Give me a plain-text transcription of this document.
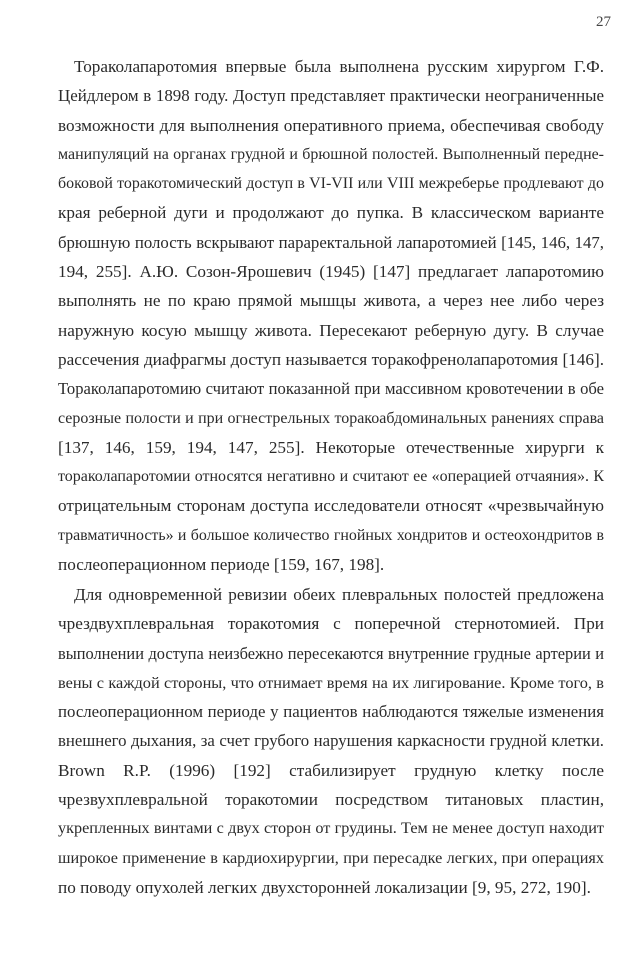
27
Тораколапаротомия впервые была выполнена русским хирургом Г.Ф.
Цейдлером в 1898 году. Доступ представляет практически неограниченные
возможности для выполнения оперативного приема, обеспечивая свободу
манипуляций на органах грудной и брюшной полостей. Выполненный передне-
боковой торакотомический доступ в VI-VII или VIII межреберье продлевают до
края реберной дуги и продолжают до пупка. В классическом варианте
брюшную полость вскрывают параректальной лапаротомией [145, 146, 147,
194, 255]. А.Ю. Созон-Ярошевич (1945) [147] предлагает лапаротомию
выполнять не по краю прямой мышцы живота, а через нее либо через
наружную косую мышцу живота. Пересекают реберную дугу. В случае
рассечения диафрагмы доступ называется торакофренолапаротомия [146].
Тораколапаротомию считают показанной при массивном кровотечении в обе
серозные полости и при огнестрельных торакоабдоминальных ранениях справа
[137, 146, 159, 194, 147, 255]. Некоторые отечественные хирурги к
тораколапаротомии относятся негативно и считают ее «операцией отчаяния». К
отрицательным сторонам доступа исследователи относят «чрезвычайную
травматичность» и большое количество гнойных хондритов и остеохондритов в
послеоперационном периоде [159, 167, 198].
Для одновременной ревизии обеих плевральных полостей предложена
чрездвухплевральная торакотомия с поперечной стернотомией. При
выполнении доступа неизбежно пересекаются внутренние грудные артерии и
вены с каждой стороны, что отнимает время на их лигирование. Кроме того, в
послеоперационном периоде у пациентов наблюдаются тяжелые изменения
внешнего дыхания, за счет грубого нарушения каркасности грудной клетки.
Brown R.P. (1996) [192] стабилизирует грудную клетку после
чрезвухплевральной торакотомии посредством титановых пластин,
укрепленных винтами с двух сторон от грудины. Тем не менее доступ находит
широкое применение в кардиохирургии, при пересадке легких, при операциях
по поводу опухолей легких двухсторонней локализации [9, 95, 272, 190].
